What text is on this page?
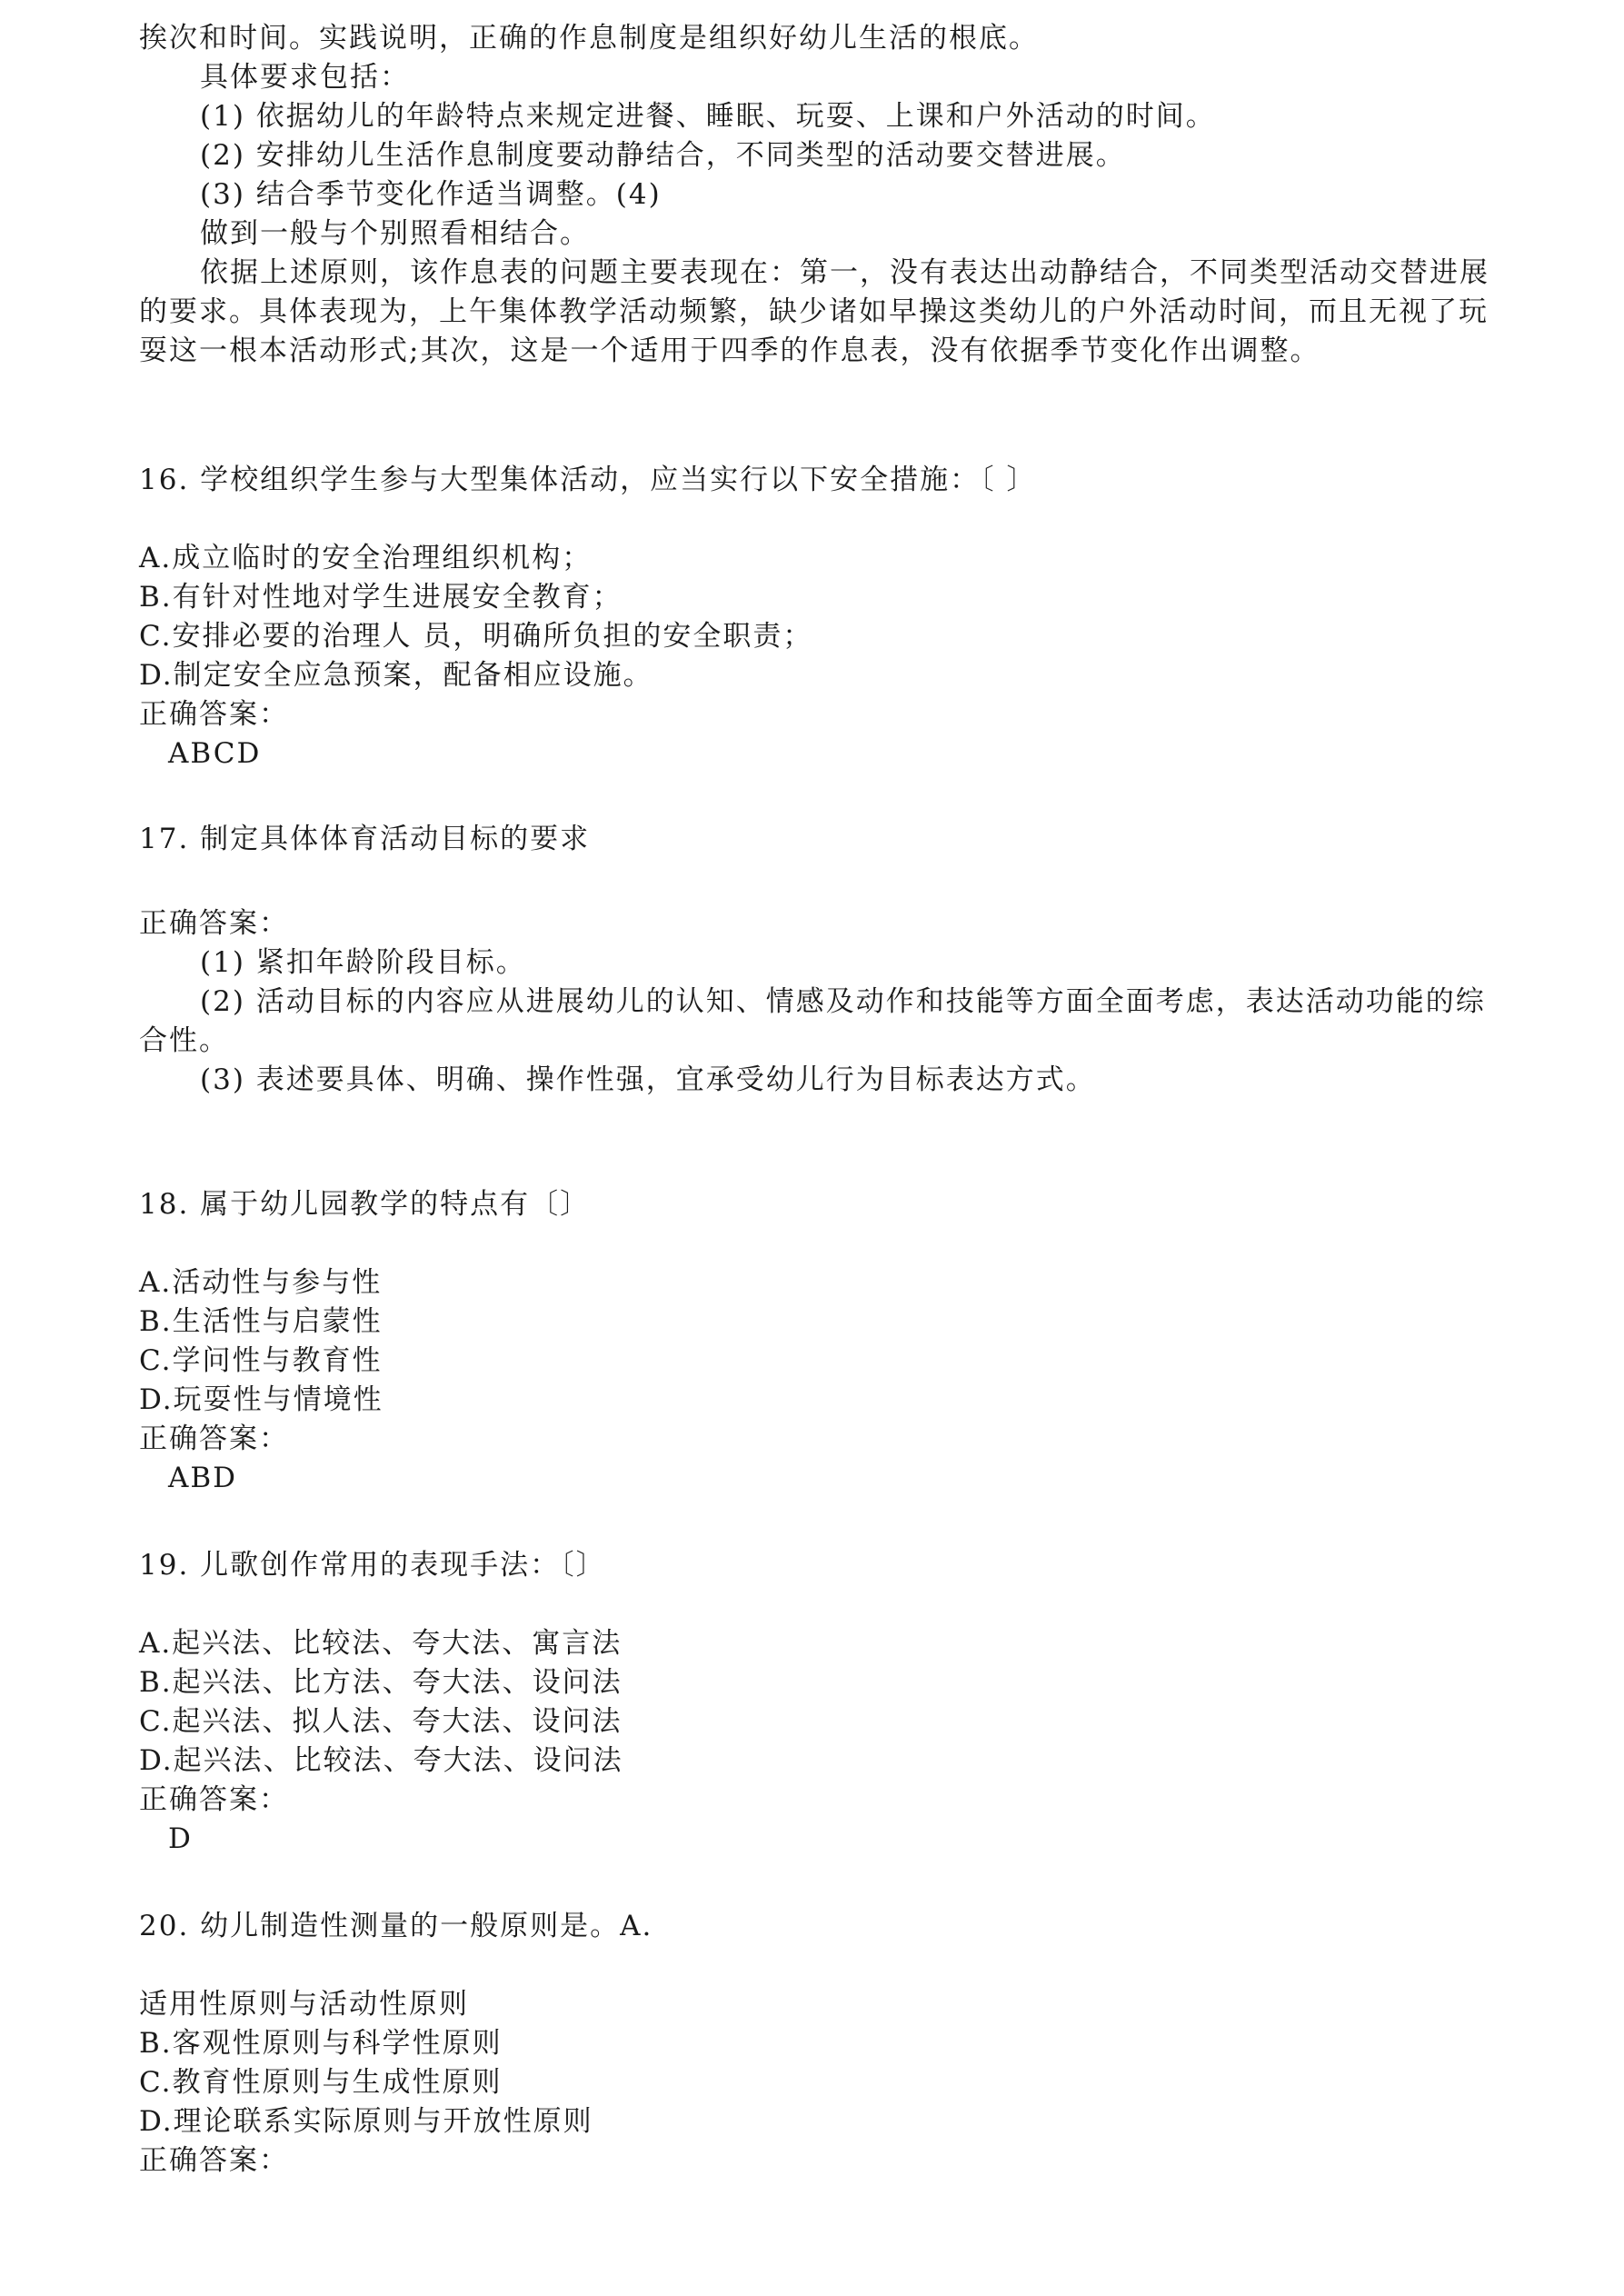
挨次和时间。实践说明，正确的作息制度是组织好幼儿生活的根底。
具体要求包括：
(1) 依据幼儿的年龄特点来规定进餐、睡眠、玩耍、上课和户外活动的时间。
(2) 安排幼儿生活作息制度要动静结合，不同类型的活动要交替进展。
(3) 结合季节变化作适当调整。(4)
做到一般与个别照看相结合。
依据上述原则，该作息表的问题主要表现在：第一，没有表达出动静结合，不同类型活动交替进展
的要求。具体表现为，上午集体教学活动频繁，缺少诸如早操这类幼儿的户外活动时间，而且无视了玩
耍这一根本活动形式;其次，这是一个适用于四季的作息表，没有依据季节变化作出调整。
16. 学校组织学生参与大型集体活动，应当实行以下安全措施：〔 〕
A.成立临时的安全治理组织机构；
B.有针对性地对学生进展安全教育；
C.安排必要的治理人 员，明确所负担的安全职责；
D.制定安全应急预案，配备相应设施。
正确答案：
ABCD
17. 制定具体体育活动目标的要求
正确答案：
(1) 紧扣年龄阶段目标。
(2) 活动目标的内容应从进展幼儿的认知、情感及动作和技能等方面全面考虑，表达活动功能的综
合性。
(3) 表述要具体、明确、操作性强，宜承受幼儿行为目标表达方式。
18. 属于幼儿园教学的特点有〔〕
A.活动性与参与性
B.生活性与启蒙性
C.学问性与教育性
D.玩耍性与情境性
正确答案：
ABD
19. 儿歌创作常用的表现手法：〔〕
A.起兴法、比较法、夸大法、寓言法
B.起兴法、比方法、夸大法、设问法
C.起兴法、拟人法、夸大法、设问法
D.起兴法、比较法、夸大法、设问法
正确答案：
D
20. 幼儿制造性测量的一般原则是。A.
适用性原则与活动性原则
B.客观性原则与科学性原则
C.教育性原则与生成性原则
D.理论联系实际原则与开放性原则
正确答案：
